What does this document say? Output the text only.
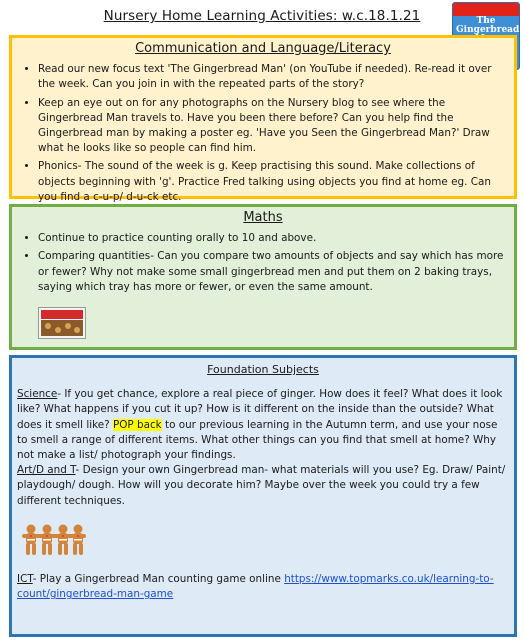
Nursery Home Learning Activities: w.c.18.1.21	The Gingerbread
Communication and Language/Literacy
• Read our new focus text 'The Gingerbread Man' (on YouTube if needed). Re-read it over the week. Can you join in with the repeated parts of the story?
• Keep an eye out on for any photographs on the Nursery blog to see where the Gingerbread Man travels to. Have you been there before? Can you help find the Gingerbread man by making a poster eg. 'Have you Seen the Gingerbread Man?' Draw what he looks like so people can find him.
• Phonics- The sound of the week is g. Keep practising this sound. Make collections of objects beginning with 'g'. Practice Fred talking using objects you find at home eg. Can you find a c-u-p/ d-u-ck etc.
Maths
• Continue to practice counting orally to 10 and above.
• Comparing quantities- Can you compare two amounts of objects and say which has more or fewer? Why not make some small gingerbread men and put them on 2 baking trays, saying which tray has more or fewer, or even the same amount.
Foundation Subjects

Science- If you get chance, explore a real piece of ginger. How does it feel? What does it look like? What happens if you cut it up? How is it different on the inside than the outside? What does it smell like? POP back to our previous learning in the Autumn term, and use your nose to smell a range of different items. What other things can you find that smell at home? Why not make a list/ photograph your findings.

Art/D and T- Design your own Gingerbread man- what materials will you use? Eg. Draw/ Paint/ playdough/ dough. How will you decorate him? Maybe over the week you could try a few different techniques.

ICT- Play a Gingerbread Man counting game online https://www.topmarks.co.uk/learning-to-count/gingerbread-man-game
